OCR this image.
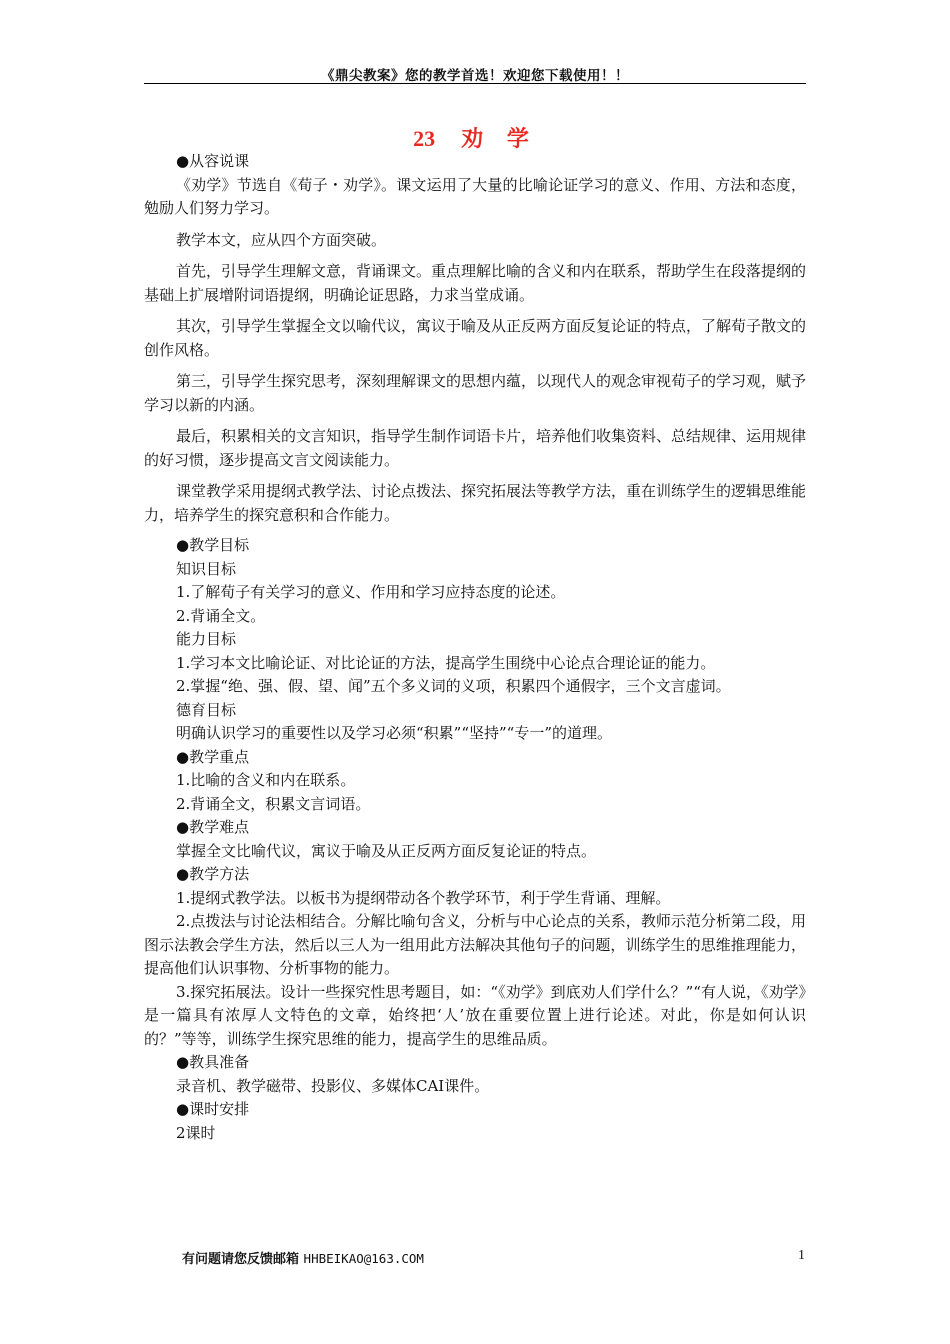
《鼎尖教案》您的教学首选！欢迎您下载使用！！
23 劝 学
●从容说课

《劝学》节选自《荀子・劝学》。课文运用了大量的比喻论证学习的意义、作用、方法和态度，勉励人们努力学习。

教学本文，应从四个方面突破。

首先，引导学生理解文意，背诵课文。重点理解比喻的含义和内在联系，帮助学生在段落提纲的基础上扩展增附词语提纲，明确论证思路，力求当堂成诵。

其次，引导学生掌握全文以喻代议，寓议于喻及从正反两方面反复论证的特点，了解荀子散文的创作风格。

第三，引导学生探究思考，深刻理解课文的思想内蕴，以现代人的观念审视荀子的学习观，赋予学习以新的内涵。

最后，积累相关的文言知识，指导学生制作词语卡片，培养他们收集资料、总结规律、运用规律的好习惯，逐步提高文言文阅读能力。

课堂教学采用提纲式教学法、讨论点拨法、探究拓展法等教学方法，重在训练学生的逻辑思维能力，培养学生的探究意积和合作能力。

●教学目标
知识目标
1.了解荀子有关学习的意义、作用和学习应持态度的论述。
2.背诵全文。
能力目标
1.学习本文比喻论证、对比论证的方法，提高学生围绕中心论点合理论证的能力。
2.掌握“绝、强、假、望、闻”五个多义词的义项，积累四个通假字，三个文言虚词。
德育目标
明确认识学习的重要性以及学习必须“积累”“坚持”“专一”的道理。
●教学重点
1.比喻的含义和内在联系。
2.背诵全文，积累文言词语。
●教学难点
掌握全文比喻代议，寓议于喻及从正反两方面反复论证的特点。
●教学方法

1.提纲式教学法。以板书为提纲带动各个教学环节，利于学生背诵、理解。

2.点拨法与讨论法相结合。分解比喻句含义，分析与中心论点的关系，教师示范分析第二段，用图示法教会学生方法，然后以三人为一组用此方法解决其他句子的问题，训练学生的思维推理能力，提高他们认识事物、分析事物的能力。

3.探究拓展法。设计一些探究性思考题目，如：“《劝学》到底劝人们学什么？”“有人说，《劝学》是一篇具有浓厚人文特色的文章，始终把‘人’放在重要位置上进行论述。对此，你是如何认识的？”等等，训练学生探究思维的能力，提高学生的思维品质。

●教具准备
录音机、教学磁带、投影仪、多媒体CAI课件。
●课时安排
2课时
有问题请您反馈邮箱 HHBEIKAO@163.COM	1
